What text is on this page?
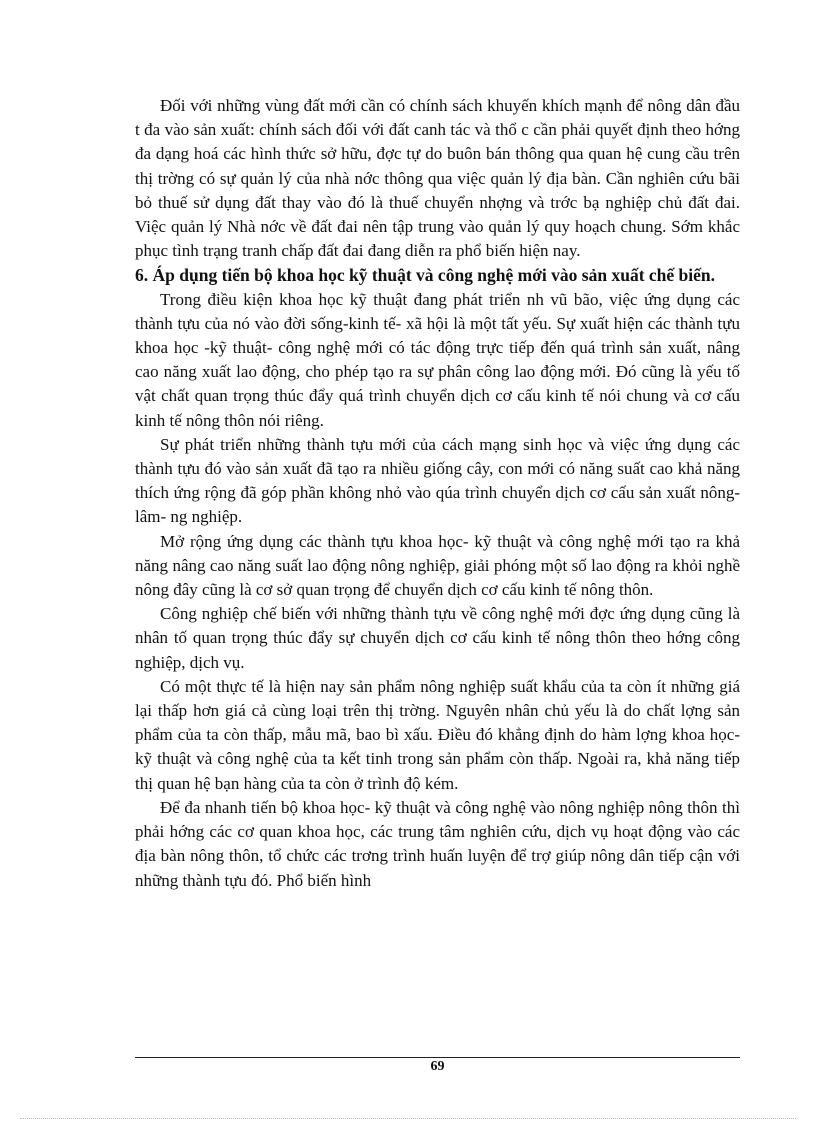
Đối với những vùng đất mới cần có chính sách khuyến khích mạnh để nông dân đầu t đa vào sản xuất: chính sách đối với đất canh tác và thổ c cần phải quyết định theo hớng đa dạng hoá các hình thức sở hữu, đợc tự do buôn bán thông qua quan hệ cung cầu trên thị trờng có sự quản lý của nhà nớc thông qua việc quản lý địa bàn. Cần nghiên cứu bãi bỏ thuế sử dụng đất thay vào đó là thuế chuyển nhợng và trớc bạ nghiệp chủ đất đai. Việc quản lý Nhà nớc về đất đai nên tập trung vào quản lý quy hoạch chung. Sớm khắc phục tình trạng tranh chấp đất đai đang diễn ra phổ biến hiện nay.

6. Áp dụng tiến bộ khoa học kỹ thuật và công nghệ mới vào sản xuất chế biến.

Trong điều kiện khoa học kỹ thuật đang phát triển nh vũ bão, việc ứng dụng các thành tựu của nó vào đời sống-kinh tế- xã hội là một tất yếu. Sự xuất hiện các thành tựu khoa học -kỹ thuật- công nghệ mới có tác động trực tiếp đến quá trình sản xuất, nâng cao năng xuất lao động, cho phép tạo ra sự phân công lao động mới. Đó cũng là yếu tố vật chất quan trọng thúc đẩy quá trình chuyển dịch cơ cấu kinh tế nói chung và cơ cấu kinh tế nông thôn nói riêng.

Sự phát triển những thành tựu mới của cách mạng sinh học và việc ứng dụng các thành tựu đó vào sản xuất đã tạo ra nhiều giống cây, con mới có năng suất cao khả năng thích ứng rộng đã góp phần không nhỏ vào qúa trình chuyển dịch cơ cấu sản xuất nông- lâm- ng nghiệp.

Mở rộng ứng dụng các thành tựu khoa học- kỹ thuật và công nghệ mới tạo ra khả năng nâng cao năng suất lao động nông nghiệp, giải phóng một số lao động ra khỏi nghề nông đây cũng là cơ sở quan trọng để chuyển dịch cơ cấu kinh tế nông thôn.

Công nghiệp chế biến với những thành tựu về công nghệ mới đợc ứng dụng cũng là nhân tố quan trọng thúc đẩy sự chuyển dịch cơ cấu kinh tế nông thôn theo hớng công nghiệp, dịch vụ.

Có một thực tế là hiện nay sản phẩm nông nghiệp suất khẩu của ta còn ít những giá lại thấp hơn giá cả cùng loại trên thị trờng. Nguyên nhân chủ yếu là do chất lợng sản phẩm của ta còn thấp, mẫu mã, bao bì xấu. Điều đó khẳng định do hàm lợng khoa học- kỹ thuật và công nghệ của ta kết tinh trong sản phẩm còn thấp. Ngoài ra, khả năng tiếp thị quan hệ bạn hàng của ta còn ở trình độ kém.

Để đa nhanh tiến bộ khoa học- kỹ thuật và công nghệ vào nông nghiệp nông thôn thì phải hớng các cơ quan khoa học, các trung tâm nghiên cứu, dịch vụ hoạt động vào các địa bàn nông thôn, tổ chức các trơng trình huấn luyện để trợ giúp nông dân tiếp cận với những thành tựu đó. Phổ biến hình

69
